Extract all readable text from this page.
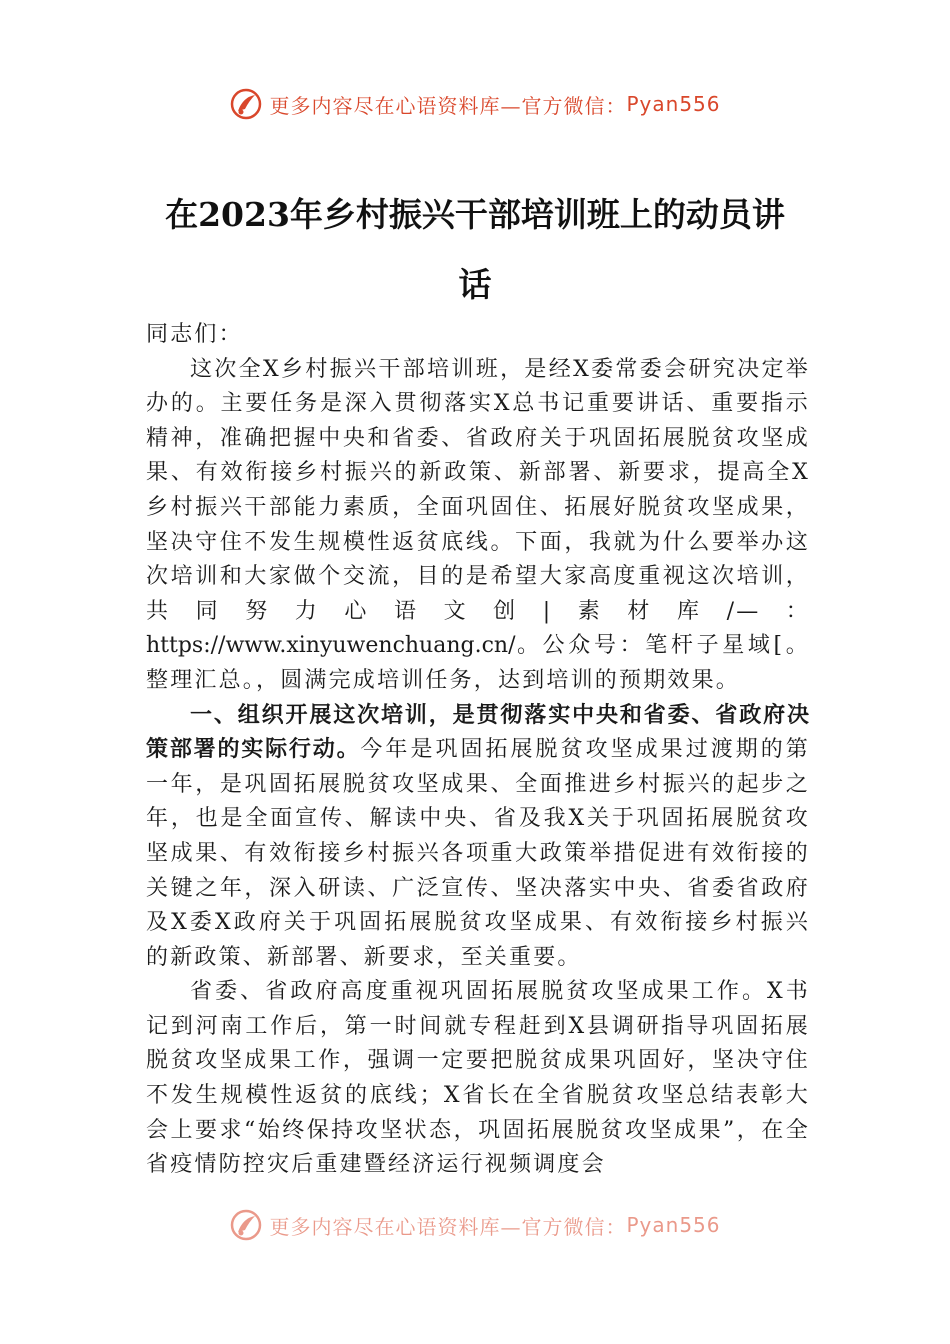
更多内容尽在心语资料库—官方微信： Pyan556
在2023年乡村振兴干部培训班上的动员讲
话

同志们：

这次全X乡村振兴干部培训班，是经X委常委会研究决定举办的。主要任务是深入贯彻落实X总书记重要讲话、重要指示精神，准确把握中央和省委、省政府关于巩固拓展脱贫攻坚成果、有效衔接乡村振兴的新政策、新部署、新要求，提高全X乡村振兴干部能力素质，全面巩固住、拓展好脱贫攻坚成果，坚决守住不发生规模性返贫底线。下面，我就为什么要举办这次培训和大家做个交流，目的是希望大家高度重视这次培训，共同努力心语文创|素材库/—：https://www.xinyuwenchuang.cn/。公众号：笔杆子星域[。整理汇总。，圆满完成培训任务，达到培训的预期效果。

一、组织开展这次培训，是贯彻落实中央和省委、省政府决策部署的实际行动。今年是巩固拓展脱贫攻坚成果过渡期的第一年，是巩固拓展脱贫攻坚成果、全面推进乡村振兴的起步之年，也是全面宣传、解读中央、省及我X关于巩固拓展脱贫攻坚成果、有效衔接乡村振兴各项重大政策举措促进有效衔接的关键之年，深入研读、广泛宣传、坚决落实中央、省委省政府及X委X政府关于巩固拓展脱贫攻坚成果、有效衔接乡村振兴的新政策、新部署、新要求，至关重要。

省委、省政府高度重视巩固拓展脱贫攻坚成果工作。X书记到河南工作后，第一时间就专程赶到X县调研指导巩固拓展脱贫攻坚成果工作，强调一定要把脱贫成果巩固好，坚决守住不发生规模性返贫的底线；X省长在全省脱贫攻坚总结表彰大会上要求“始终保持攻坚状态，巩固拓展脱贫攻坚成果”，在全省疫情防控灾后重建暨经济运行视频调度会

更多内容尽在心语资料库—官方微信： Pyan556
